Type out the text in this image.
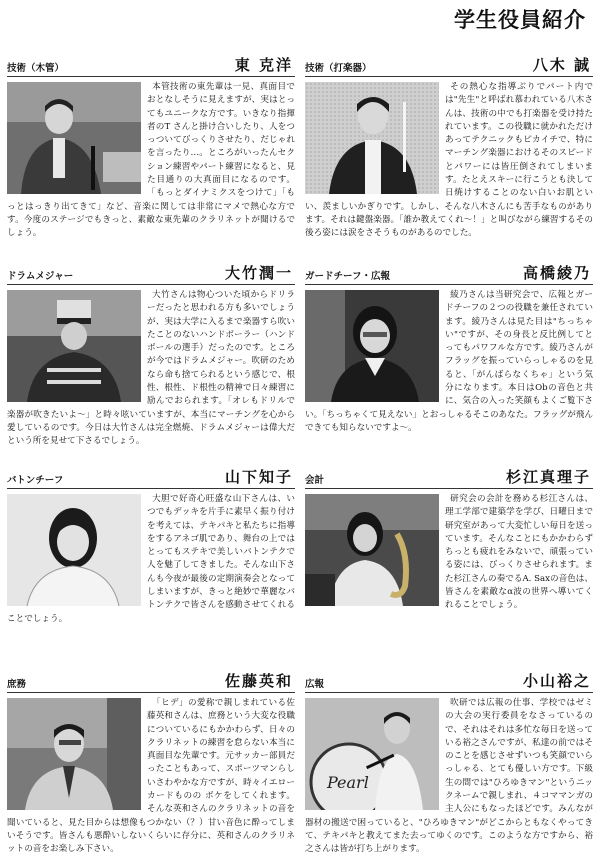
学生役員紹介
技術（木管）	東 克洋

本管技術の東先輩は一見、真面目でおとなしそうに見えますが、実はとってもユニークな方です。いきなり指揮者のT さんと掛け合いしたり、人をつっついてびっくりさせたり、だじゃれを言ったり…。ところがいったんセクション練習やパート練習になると、見た目通りの大真面目になるのです。「もっとダイナミクスをつけて」「もっとはっきり出てきて」など、音楽に関しては非常にマメで熱心な方です。今度のステージでもきっと、素敵な東先輩のクラリネットが聞けるでしょう。

技術（打楽器）	八木 誠

その熱心な指導ぶりでパート内では"先生"と呼ばれ慕われている八木さんは、技術の中でも打楽器を受け持たれています。この役職に就かれただけあってテクニックもピカイチで、特にマーチング楽器におけるそのスピードとパワーには皆圧倒されてしまいます。たとえスキーに行こうとも決して日焼けすることのない白いお肌といい、羨ましいかぎりです。しかし、そんな八木さんにも苦手なものがあります。それは鍵盤楽器。「誰か教えてくれ〜！」と叫びながら練習するその後ろ姿には涙をさそうものがあるのでした。

ドラムメジャー	大竹潤一

大竹さんは物心ついた頃からドリラーだったと思われる方も多いでしょうが、実は大学に入るまで楽器すら吹いたことのないハンドボーラー（ハンドボールの選手）だったのです。ところが今ではドラムメジャー。吹研のためなら命も捨てられるという感じで、根性、根性、ド根性の精神で日々練習に励んでおられます。「オレもドリルで楽器が吹きたいよ〜」と時々呟いていますが、本当にマーチングを心から愛しているのです。今日は大竹さんは完全燃焼、ドラムメジャーは偉大だという所を見せて下さるでしょう。

ガードチーフ・広報	高橋綾乃

綾乃さんは当研究会で、広報とガードチーフの２つの役職を兼任されています。綾乃さんは見た目は"ちっちゃい"ですが、その身長と反比例してとってもパワフルな方です。綾乃さんがフラッグを振っていらっしゃるのを見ると、「がんばらなくちゃ」という気分になります。本日はObの音色と共に、気合の入った笑顔もよくご覧下さい。「ちっちゃくて見えない」とおっしゃるそこのあなた。フラッグが飛んできても知らないですよ〜。

バトンチーフ	山下知子

大胆で好奇心旺盛な山下さんは、いつでもデッキを片手に素早く振り付けを考えては、テキパキと私たちに指導をするアネゴ肌であり、舞台の上ではとってもステキで美しいバトンテクで人を魅了してきました。そんな山下さんも今夜が最後の定期演奏会となってしまいますが、きっと絶妙で華麗なバトンテクで皆さんを感動させてくれることでしょう。

会計	杉江真理子

研究会の会計を務める杉江さんは、理工学部で建築学を学び、日曜日まで研究室があって大変忙しい毎日を送っています。そんなことにもかかわらずちっとも疲れをみないで、頑張っている姿には、びっくりさせられます。また杉江さんの奏でるA. Saxの音色は、皆さんを素敵なα波の世界へ導いてくれることでしょう。

庶務	佐藤英和

「ヒデ」の愛称で親しまれている佐藤英和さんは、庶務という大変な役職についているにもかかわらず、日々のクラリネットの練習を怠らない本当に真面目な先輩です。元サッカー部員だったこともあって、スポーツマンらしいさわやかな方ですが、時々イエローカードものの ボケをしてくれます。そんな英和さんのクラリネットの音を聞いていると、見た目からは想像もつかない（？）甘い音色に酔ってしまいそうです。皆さんも悪酔いしないくらいに存分に、英和さんのクラリネットの音をお楽しみ下さい。

広報	小山裕之
Pearl

吹研では広報の仕事、学校ではゼミの大会の実行委員をなさっているので、それはそれは多忙な毎日を送っている裕之さんですが、私達の前ではそのことを感じさせずいつも笑顔でいらっしゃる、とても優しい方です。下級生の間では"ひろゆきマン"というニックネームで親しまれ、４コママンガの主人公にもなったほどです。みんなが器材の搬送で困っていると、"ひろゆきマン"がどこからともなくやってきて、テキパキと教えてまた去ってゆくのです。このような方ですから、裕之さんは皆が打ち上がります。
